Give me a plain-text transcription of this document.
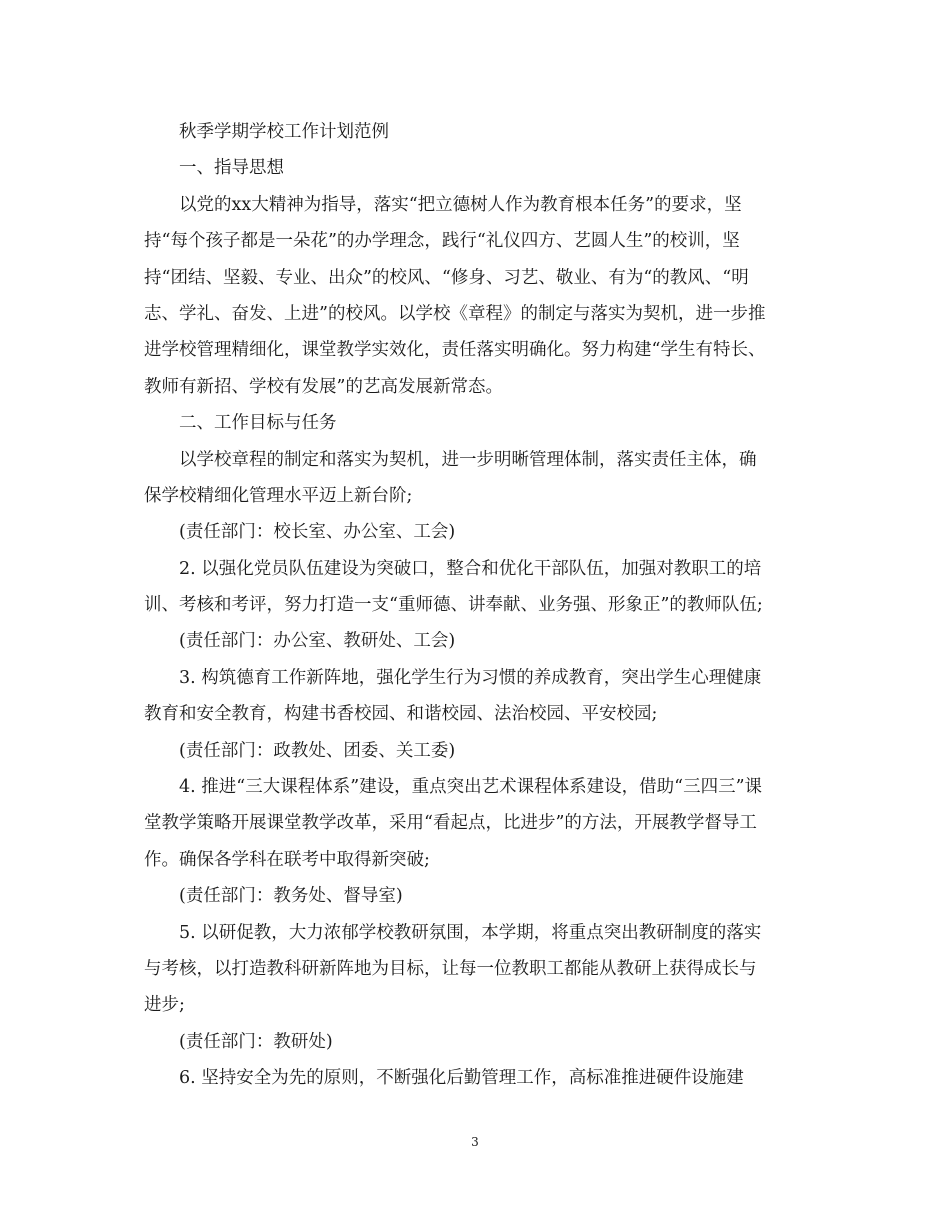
秋季学期学校工作计划范例
一、指导思想
以党的xx大精神为指导，落实“把立德树人作为教育根本任务”的要求，坚
持“每个孩子都是一朵花”的办学理念，践行“礼仪四方、艺圆人生”的校训，坚
持“团结、坚毅、专业、出众”的校风、“修身、习艺、敬业、有为“的教风、“明
志、学礼、奋发、上进”的校风。以学校《章程》的制定与落实为契机，进一步推
进学校管理精细化，课堂教学实效化，责任落实明确化。努力构建“学生有特长、
教师有新招、学校有发展”的艺高发展新常态。
二、工作目标与任务
以学校章程的制定和落实为契机，进一步明晰管理体制，落实责任主体，确
保学校精细化管理水平迈上新台阶;
(责任部门：校长室、办公室、工会)
2. 以强化党员队伍建设为突破口，整合和优化干部队伍，加强对教职工的培
训、考核和考评，努力打造一支“重师德、讲奉献、业务强、形象正”的教师队伍;
(责任部门：办公室、教研处、工会)
3. 构筑德育工作新阵地，强化学生行为习惯的养成教育，突出学生心理健康
教育和安全教育，构建书香校园、和谐校园、法治校园、平安校园;
(责任部门：政教处、团委、关工委)
4. 推进“三大课程体系”建设，重点突出艺术课程体系建设，借助“三四三”课
堂教学策略开展课堂教学改革，采用“看起点，比进步”的方法，开展教学督导工
作。确保各学科在联考中取得新突破;
(责任部门：教务处、督导室)
5. 以研促教，大力浓郁学校教研氛围，本学期，将重点突出教研制度的落实
与考核，以打造教科研新阵地为目标，让每一位教职工都能从教研上获得成长与
进步;
(责任部门：教研处)
6. 坚持安全为先的原则，不断强化后勤管理工作，高标准推进硬件设施建
3
